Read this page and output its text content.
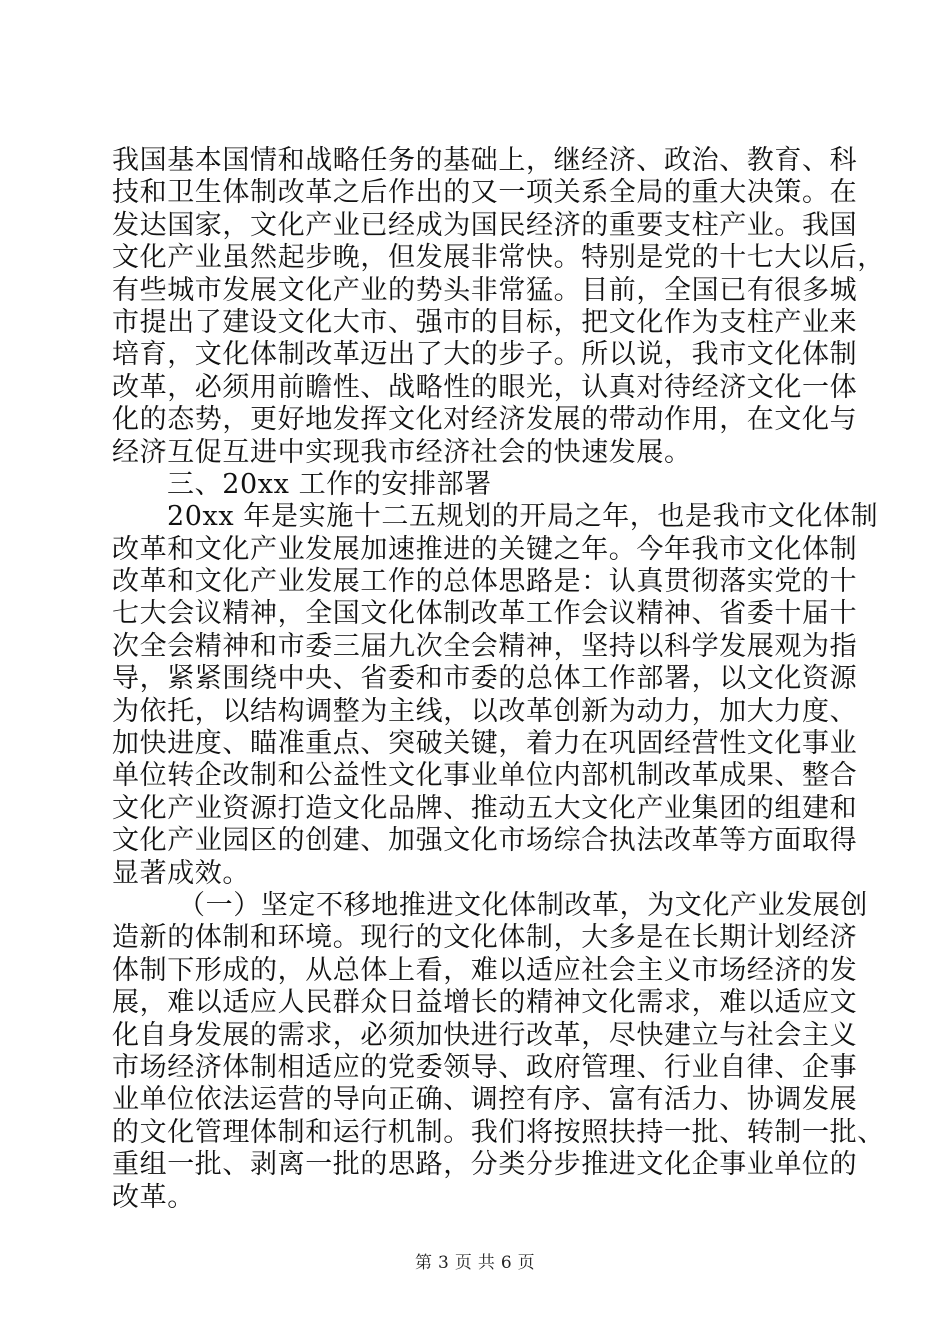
我国基本国情和战略任务的基础上，继经济、政治、教育、科
技和卫生体制改革之后作出的又一项关系全局的重大决策。在
发达国家，文化产业已经成为国民经济的重要支柱产业。我国
文化产业虽然起步晚，但发展非常快。特别是党的十七大以后，
有些城市发展文化产业的势头非常猛。目前，全国已有很多城
市提出了建设文化大市、强市的目标，把文化作为支柱产业来
培育，文化体制改革迈出了大的步子。所以说，我市文化体制
改革，必须用前瞻性、战略性的眼光，认真对待经济文化一体
化的态势，更好地发挥文化对经济发展的带动作用，在文化与
经济互促互进中实现我市经济社会的快速发展。
三、20xx 工作的安排部署
20xx 年是实施十二五规划的开局之年，也是我市文化体制
改革和文化产业发展加速推进的关键之年。今年我市文化体制
改革和文化产业发展工作的总体思路是：认真贯彻落实党的十
七大会议精神，全国文化体制改革工作会议精神、省委十届十
次全会精神和市委三届九次全会精神，坚持以科学发展观为指
导，紧紧围绕中央、省委和市委的总体工作部署，以文化资源
为依托，以结构调整为主线，以改革创新为动力，加大力度、
加快进度、瞄准重点、突破关键，着力在巩固经营性文化事业
单位转企改制和公益性文化事业单位内部机制改革成果、整合
文化产业资源打造文化品牌、推动五大文化产业集团的组建和
文化产业园区的创建、加强文化市场综合执法改革等方面取得
显著成效。
（一）坚定不移地推进文化体制改革，为文化产业发展创
造新的体制和环境。现行的文化体制，大多是在长期计划经济
体制下形成的，从总体上看，难以适应社会主义市场经济的发
展，难以适应人民群众日益增长的精神文化需求，难以适应文
化自身发展的需求，必须加快进行改革，尽快建立与社会主义
市场经济体制相适应的党委领导、政府管理、行业自律、企事
业单位依法运营的导向正确、调控有序、富有活力、协调发展
的文化管理体制和运行机制。我们将按照扶持一批、转制一批、
重组一批、剥离一批的思路，分类分步推进文化企事业单位的
改革。
第 3 页 共 6 页
